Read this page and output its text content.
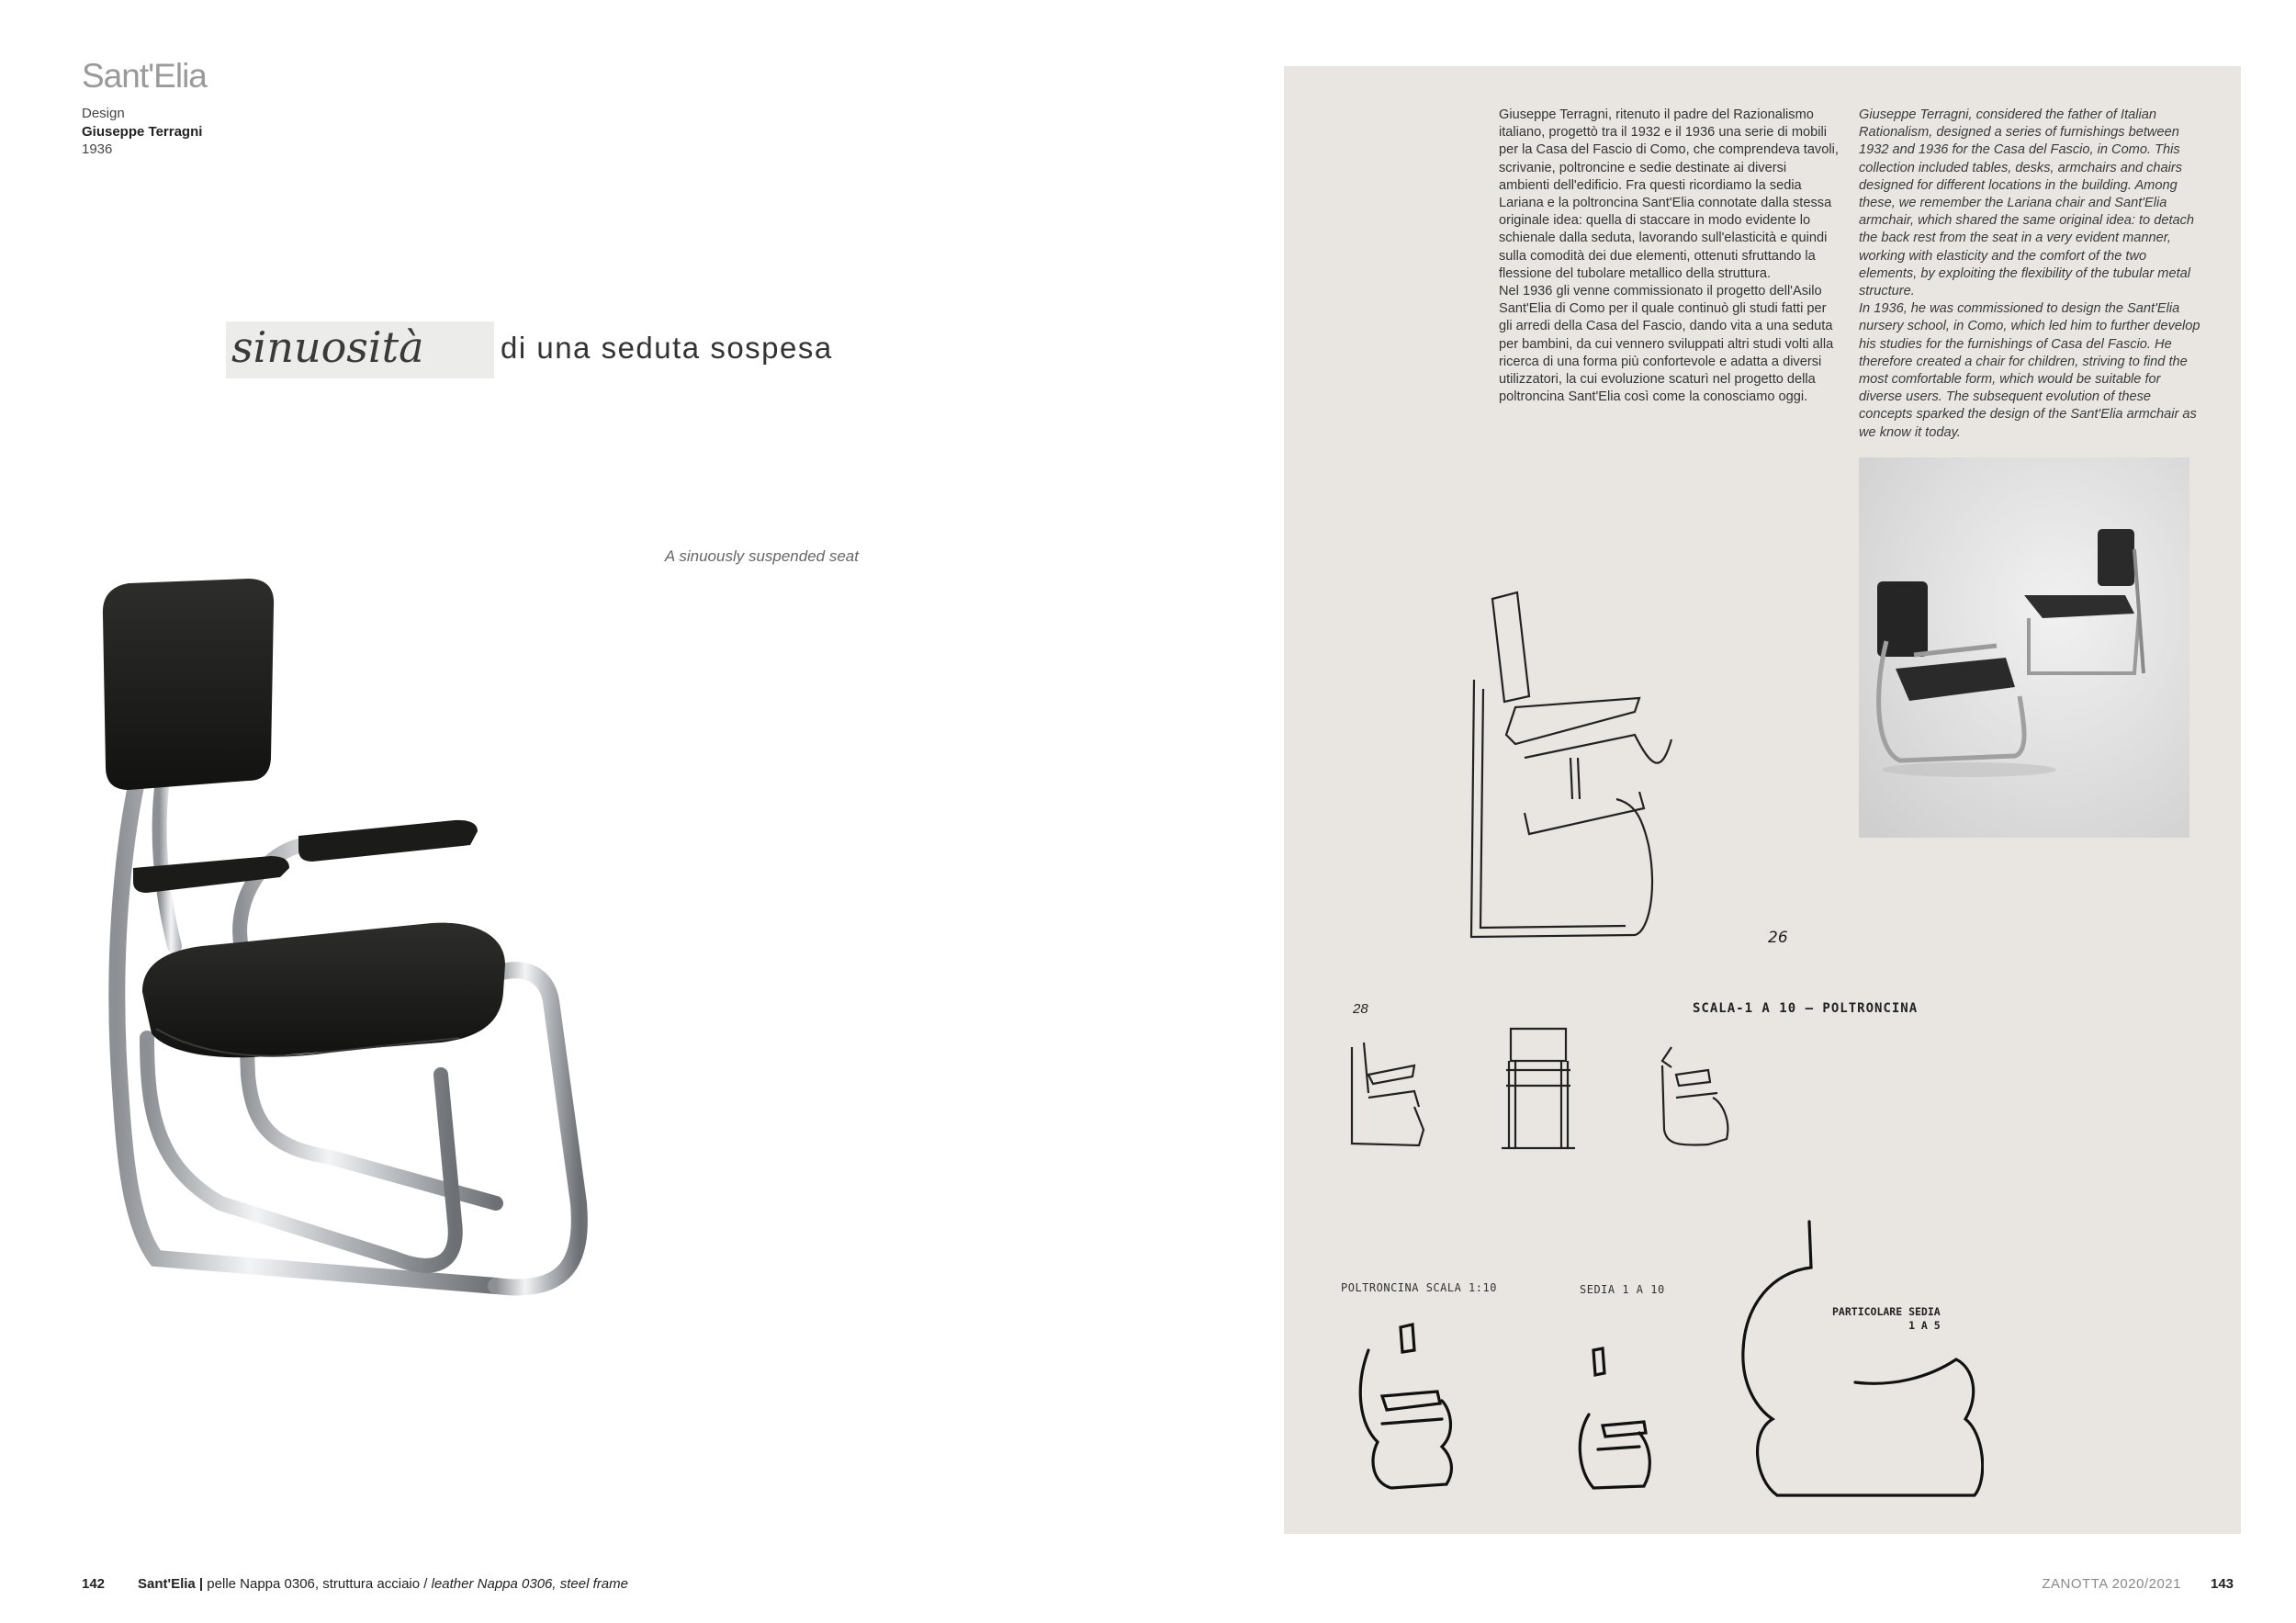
Sant'Elia
Design
Giuseppe Terragni
1936
sinuosità	di una seduta sospesa
A sinuously suspended seat

Giuseppe Terragni, ritenuto il padre del Razionalismo italiano, progettò tra il 1932 e il 1936 una serie di mobili per la Casa del Fascio di Como, che comprendeva tavoli, scrivanie, poltroncine e sedie destinate ai diversi ambienti dell'edificio. Fra questi ricordiamo la sedia Lariana e la poltroncina Sant'Elia connotate dalla stessa originale idea: quella di staccare in modo evidente lo schienale dalla seduta, lavorando sull'elasticità e quindi sulla comodità dei due elementi, ottenuti sfruttando la flessione del tubolare metallico della struttura.

Nel 1936 gli venne commissionato il progetto dell'Asilo Sant'Elia di Como per il quale continuò gli studi fatti per gli arredi della Casa del Fascio, dando vita a una seduta per bambini, da cui vennero sviluppati altri studi volti alla ricerca di una forma più confortevole e adatta a diversi utilizzatori, la cui evoluzione scaturì nel progetto della poltroncina Sant'Elia così come la conosciamo oggi.

Giuseppe Terragni, considered the father of Italian Rationalism, designed a series of furnishings between 1932 and 1936 for the Casa del Fascio, in Como. This collection included tables, desks, armchairs and chairs designed for different locations in the building. Among these, we remember the Lariana chair and Sant'Elia armchair, which shared the same original idea: to detach the back rest from the seat in a very evident manner, working with elasticity and the comfort of the two elements, by exploiting the flexibility of the tubular metal structure.

In 1936, he was commissioned to design the Sant'Elia nursery school, in Como, which led him to further develop his studies for the furnishings of Casa del Fascio. He therefore created a chair for children, striving to find the most comfortable form, which would be suitable for diverse users. The subsequent evolution of these concepts sparked the design of the Sant'Elia armchair as we know it today.

26
28	SCALA-1 A 10 — POLTRONCINA
POLTRONCINA SCALA 1:10	SEDIA 1 A 10
PARTICOLARE SEDIA
1 A 5
142 Sant'Elia | pelle Nappa 0306, struttura acciaio / leather Nappa 0306, steel frame	ZANOTTA 2020/2021 143
